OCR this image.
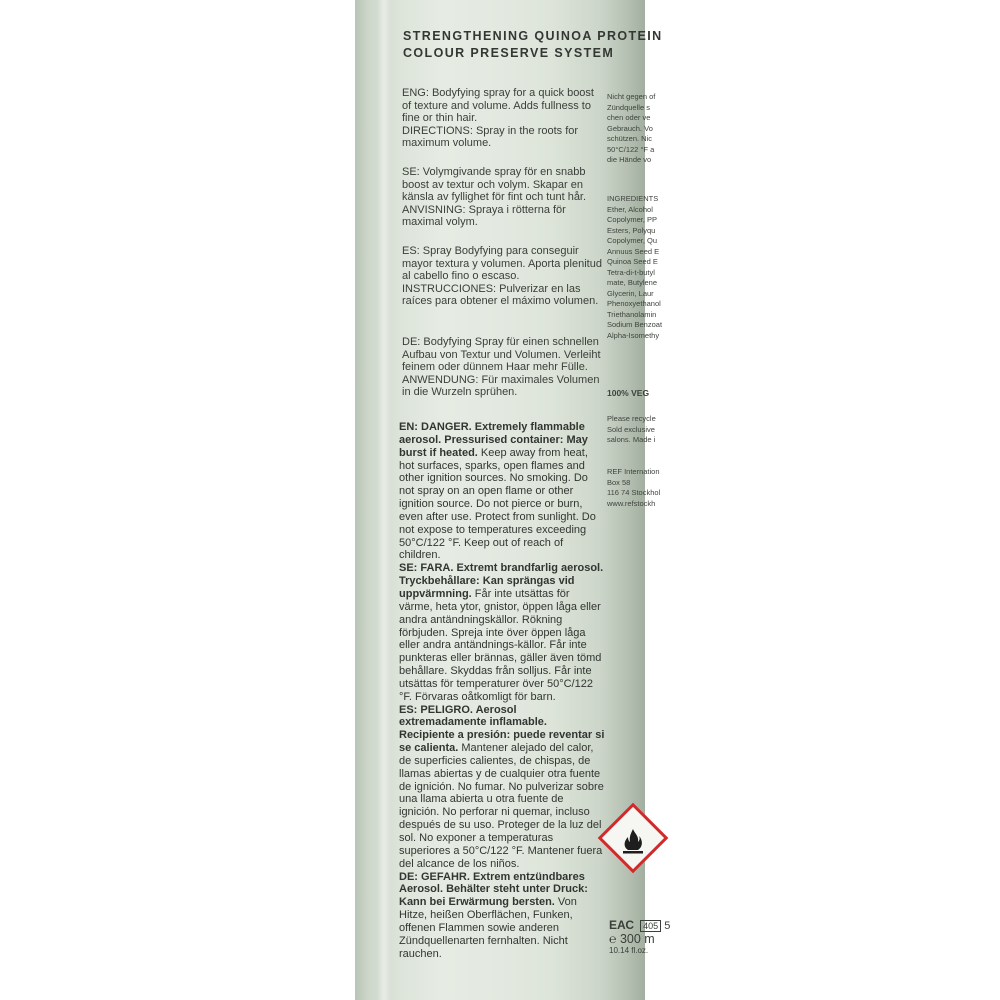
STRENGTHENING QUINOA PROTEIN
COLOUR PRESERVE SYSTEM
ENG: Bodyfying spray for a quick boost of texture and volume. Adds fullness to fine or thin hair.
DIRECTIONS: Spray in the roots for maximum volume.
SE: Volymgivande spray för en snabb boost av textur och volym. Skapar en känsla av fyllighet för fint och tunt hår.
ANVISNING: Spraya i rötterna för maximal volym.
ES: Spray Bodyfying para conseguir mayor textura y volumen. Aporta plenitud al cabello fino o escaso.
INSTRUCCIONES: Pulverizar en las raíces para obtener el máximo volumen.
DE: Bodyfying Spray für einen schnellen Aufbau von Textur und Volumen. Verleiht feinem oder dünnem Haar mehr Fülle.
ANWENDUNG: Für maximales Volumen in die Wurzeln sprühen.
EN: DANGER. Extremely flammable aerosol. Pressurised container: May burst if heated. Keep away from heat, hot surfaces, sparks, open flames and other ignition sources. No smoking. Do not spray on an open flame or other ignition source. Do not pierce or burn, even after use. Protect from sunlight. Do not expose to temperatures exceeding 50°C/122 °F. Keep out of reach of children.
SE: FARA. Extremt brandfarlig aerosol. Tryckbehållare: Kan sprängas vid uppvärmning. Får inte utsättas för värme, heta ytor, gnistor, öppen låga eller andra antändningskällor. Rökning förbjuden. Spreja inte över öppen låga eller andra antändnings-källor. Får inte punkteras eller brännas, gäller även tömd behållare. Skyddas från solljus. Får inte utsättas för temperaturer över 50°C/122 °F. Förvaras oåtkomligt för barn.
ES: PELIGRO. Aerosol extremadamente inflamable. Recipiente a presión: puede reventar si se calienta. Mantener alejado del calor, de superficies calientes, de chispas, de llamas abiertas y de cualquier otra fuente de ignición. No fumar. No pulverizar sobre una llama abierta u otra fuente de ignición. No perforar ni quemar, incluso después de su uso. Proteger de la luz del sol. No exponer a temperaturas superiores a 50°C/122 °F. Mantener fuera del alcance de los niños.
DE: GEFAHR. Extrem entzündbares Aerosol. Behälter steht unter Druck: Kann bei Erwärmung bersten. Von Hitze, heißen Oberflächen, Funken, offenen Flammen sowie anderen Zündquellenarten fernhalten. Nicht rauchen.
Nicht gegen of
Zündquelle s
chen oder ve
Gebrauch. Vo
schützen. Nic
50°C/122 °F a
die Hände vo
INGREDIENTS
Ether, Alcohol
Copolymer, PP
Esters, Polyqu
Copolymer, Qu
Annuus Seed E
Quinoa Seed E
Tetra-di-t-butyl
mate, Butylene
Glycerin, Laur
Phenoxyethanol
Triethanolamin
Sodium Benzoat
Alpha-Isomethy
100% VEG
Please recycle
Sold exclusive
salons. Made i
REF Internation
Box 58
116 74 Stockhol
www.refstockh
ЕАС 405 5
℮ 300 m
10.14 fl.oz.
